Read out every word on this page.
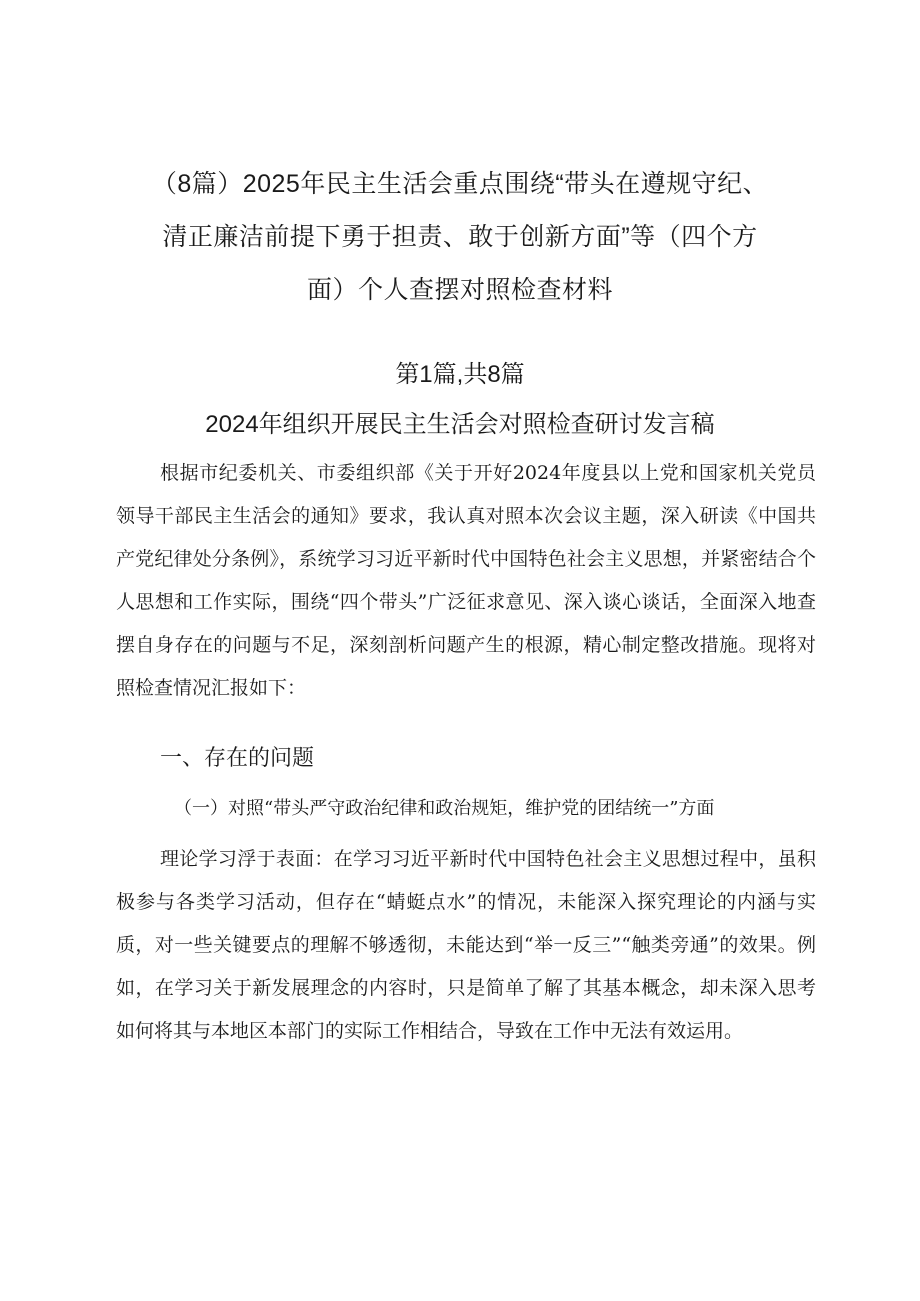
（8篇）2025年民主生活会重点围绕“带头在遵规守纪、
清正廉洁前提下勇于担责、敢于创新方面”等（四个方
面）个人查摆对照检查材料
第1篇,共8篇
2024年组织开展民主生活会对照检查研讨发言稿

根据市纪委机关、市委组织部《关于开好2024年度县以上党和国家机关党员领导干部民主生活会的通知》要求，我认真对照本次会议主题，深入研读《中国共产党纪律处分条例》，系统学习习近平新时代中国特色社会主义思想，并紧密结合个人思想和工作实际，围绕“四个带头”广泛征求意见、深入谈心谈话，全面深入地查摆自身存在的问题与不足，深刻剖析问题产生的根源，精心制定整改措施。现将对照检查情况汇报如下：

一、存在的问题
（一）对照“带头严守政治纪律和政治规矩，维护党的团结统一”方面

理论学习浮于表面：在学习习近平新时代中国特色社会主义思想过程中，虽积极参与各类学习活动，但存在“蜻蜓点水”的情况，未能深入探究理论的内涵与实质，对一些关键要点的理解不够透彻，未能达到“举一反三”“触类旁通”的效果。例如，在学习关于新发展理念的内容时，只是简单了解了其基本概念，却未深入思考如何将其与本地区本部门的实际工作相结合，导致在工作中无法有效运用。
